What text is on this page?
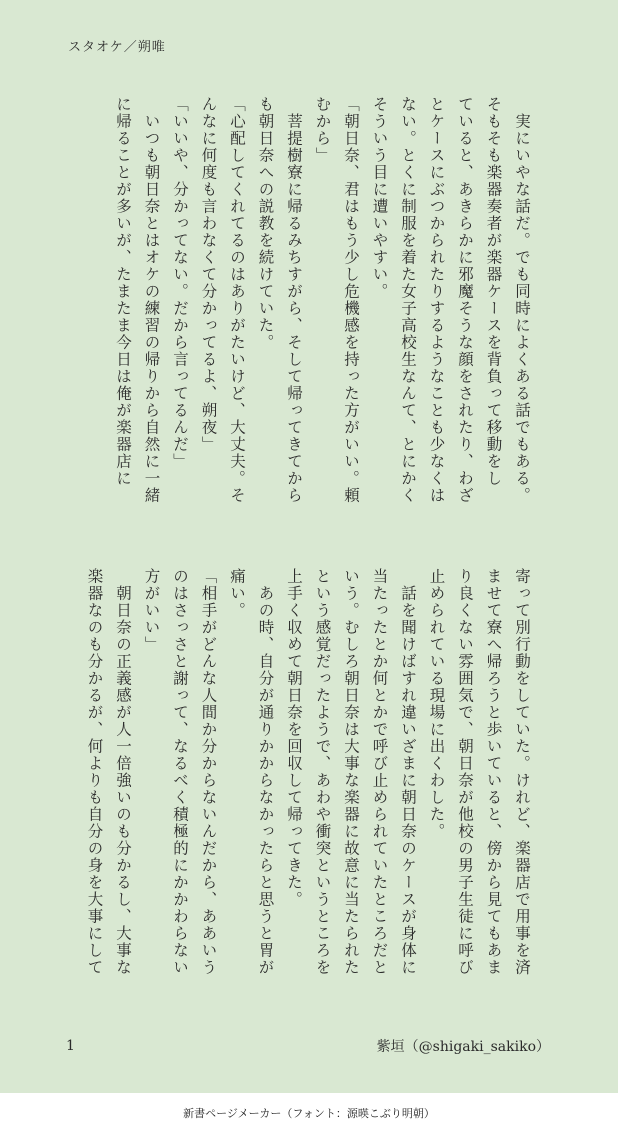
スタオケ／朔唯
　実にいやな話だ。でも同時によくある話でもある。
そもそも楽器奏者が楽器ケースを背負って移動をし
ていると、あきらかに邪魔そうな顔をされたり、わざ
とケースにぶつかられたりするようなことも少なくは
ない。とくに制服を着た女子高校生なんて、とにかく
そういう目に遭いやすい。
「朝日奈、君はもう少し危機感を持った方がいい。頼
むから」
　菩提樹寮に帰るみちすがら、そして帰ってきてから
も朝日奈への説教を続けていた。
「心配してくれてるのはありがたいけど、大丈夫。そ
んなに何度も言わなくて分かってるよ、朔夜」
「いいや、分かってない。だから言ってるんだ」
　いつも朝日奈とはオケの練習の帰りから自然に一緒
に帰ることが多いが、たまたま今日は俺が楽器店に
寄って別行動をしていた。けれど、楽器店で用事を済
ませて寮へ帰ろうと歩いていると、傍から見てもあま
り良くない雰囲気で、朝日奈が他校の男子生徒に呼び
止められている現場に出くわした。
　話を聞けばすれ違いざまに朝日奈のケースが身体に
当たったとか何とかで呼び止められていたところだと
いう。むしろ朝日奈は大事な楽器に故意に当たられた
という感覚だったようで、あわや衝突というところを
上手く収めて朝日奈を回収して帰ってきた。
　あの時、自分が通りかからなかったらと思うと胃が
痛い。
「相手がどんな人間か分からないんだから、ああいう
のはさっさと謝って、なるべく積極的にかかわらない
方がいい」
　朝日奈の正義感が人一倍強いのも分かるし、大事な
楽器なのも分かるが、何よりも自分の身を大事にして
1	紫垣（@shigaki_sakiko）
新書ページメーカー（フォント：源暎こぶり明朝）
